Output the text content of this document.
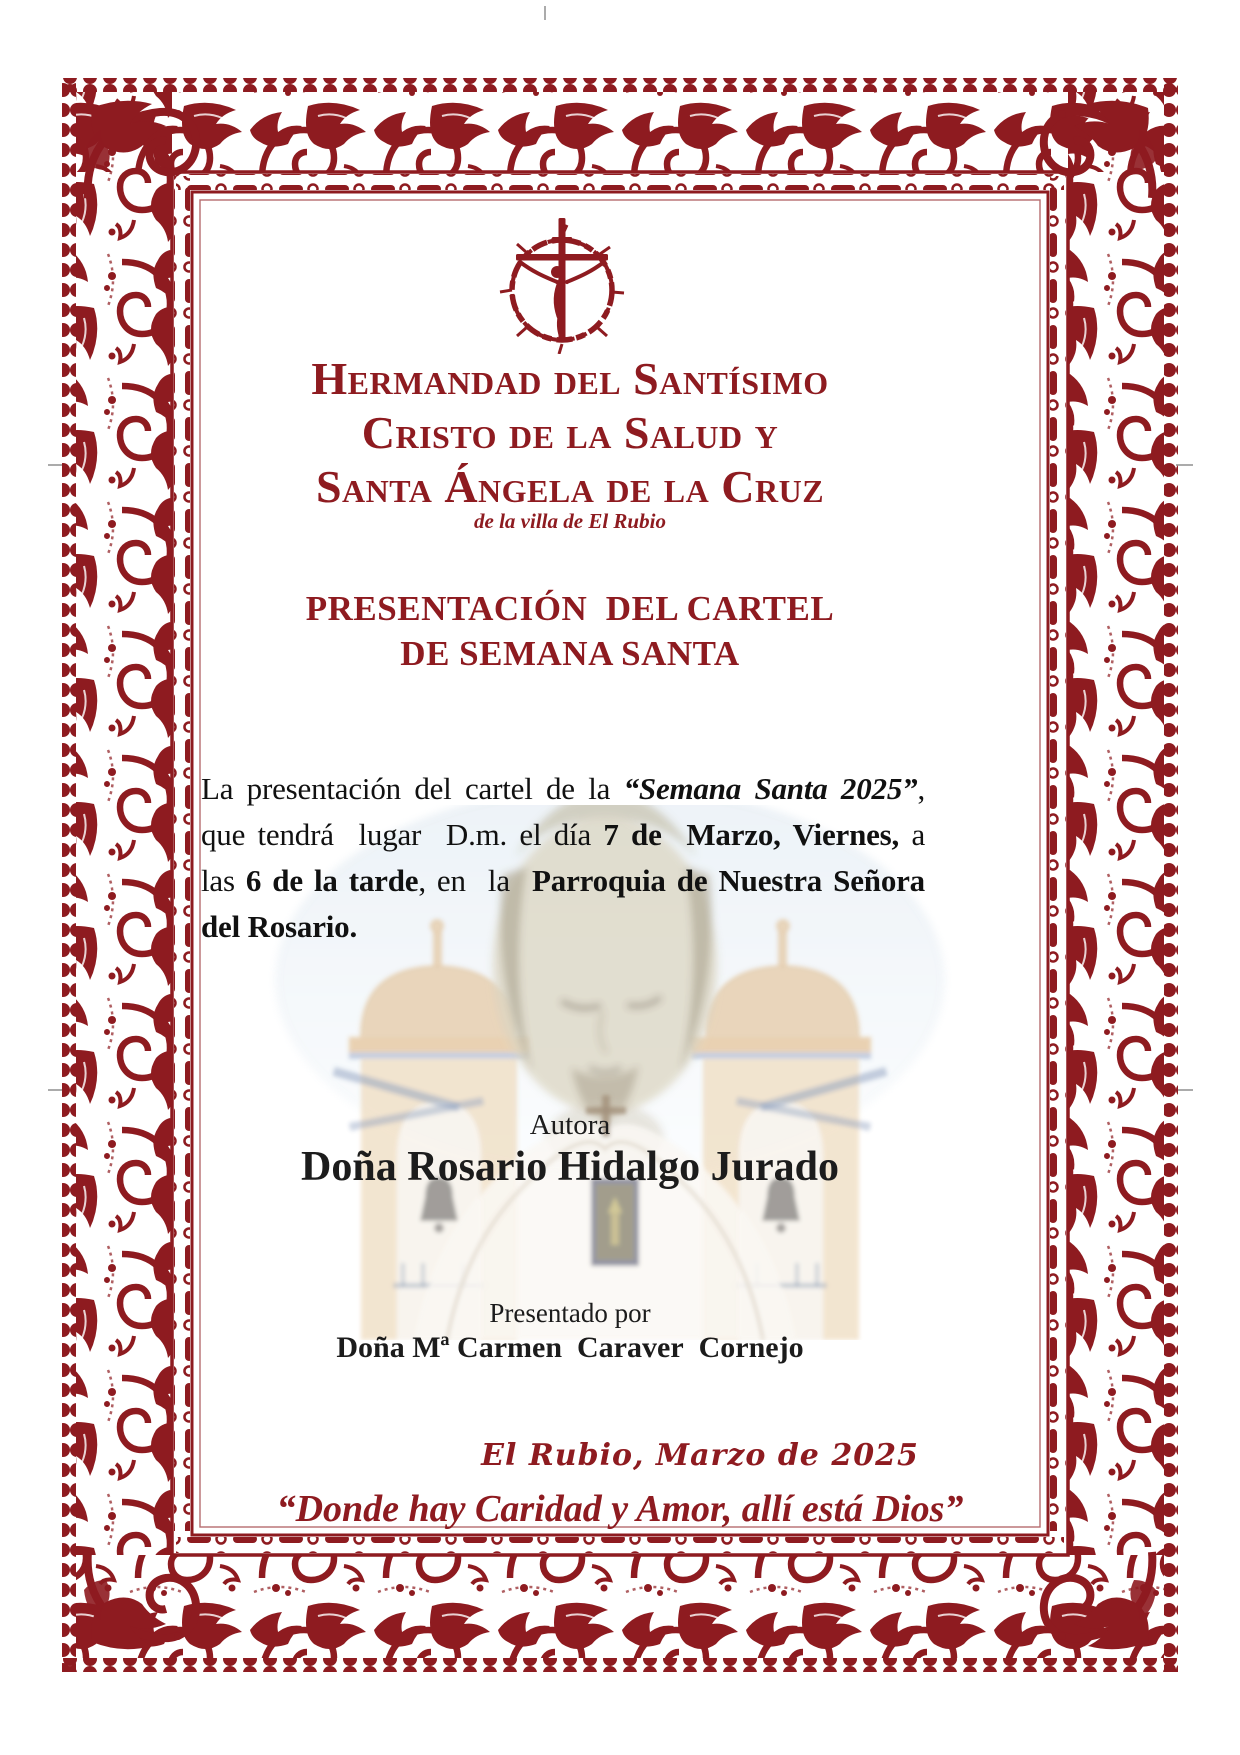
Hermandad del Santísimo
Cristo de la Salud y
Santa Ángela de la Cruz
de la villa de El Rubio
PRESENTACIÓN  DEL CARTEL
DE SEMANA SANTA
La presentación del cartel de la “Semana Santa 2025”,
que tendrá  lugar  D.m. el día 7 de  Marzo, Viernes, a
las 6 de la tarde, en  la  Parroquia de Nuestra Señora
del Rosario.
Autora
Doña Rosario Hidalgo Jurado
Presentado por
Doña Mª Carmen  Caraver  Cornejo
El Rubio, Marzo de 2025
“Donde hay Caridad y Amor, allí está Dios”
